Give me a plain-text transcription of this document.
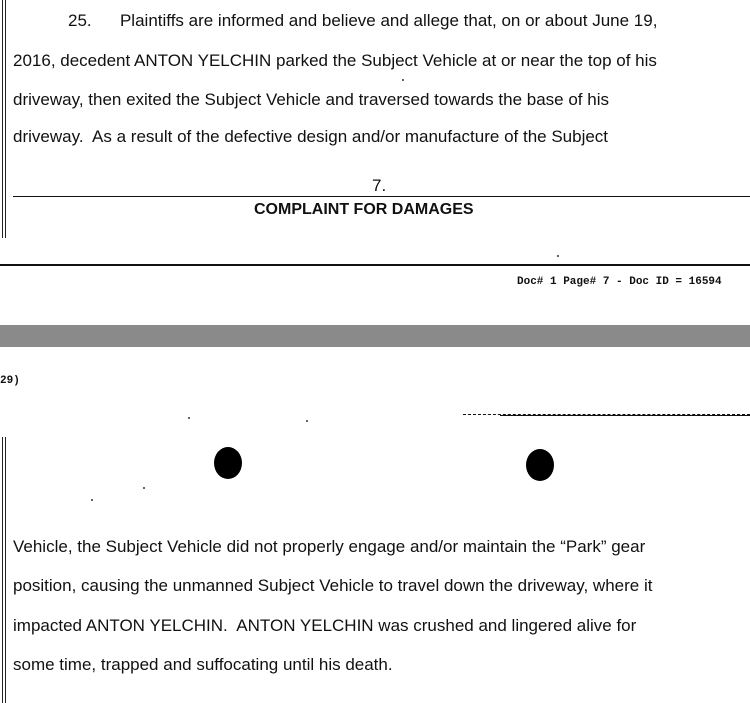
25.      Plaintiffs are informed and believe and allege that, on or about June 19,
2016, decedent ANTON YELCHIN parked the Subject Vehicle at or near the top of his
driveway, then exited the Subject Vehicle and traversed towards the base of his
driveway.  As a result of the defective design and/or manufacture of the Subject
7.
COMPLAINT FOR DAMAGES
Doc# 1 Page# 7 - Doc ID = 16594
29)
Vehicle, the Subject Vehicle did not properly engage and/or maintain the “Park” gear
position, causing the unmanned Subject Vehicle to travel down the driveway, where it
impacted ANTON YELCHIN.  ANTON YELCHIN was crushed and lingered alive for
some time, trapped and suffocating until his death.
